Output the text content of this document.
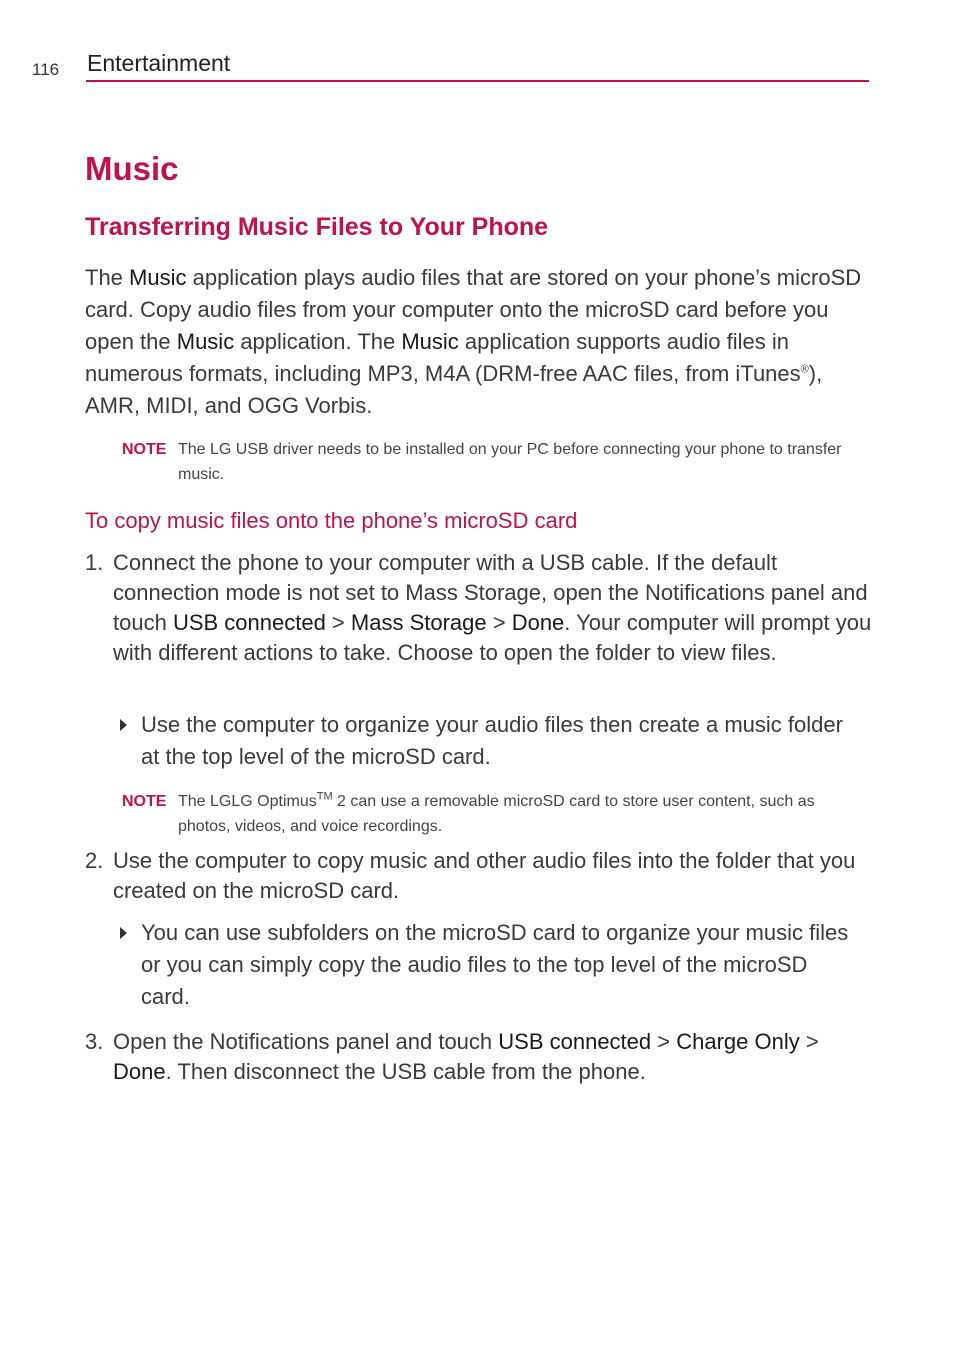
116 Entertainment
Music
Transferring Music Files to Your Phone
The Music application plays audio files that are stored on your phone’s microSD card. Copy audio files from your computer onto the microSD card before you open the Music application. The Music application supports audio files in numerous formats, including MP3, M4A (DRM-free AAC files, from iTunes®), AMR, MIDI, and OGG Vorbis.
NOTE The LG USB driver needs to be installed on your PC before connecting your phone to transfer music.
To copy music files onto the phone’s microSD card
1. Connect the phone to your computer with a USB cable. If the default connection mode is not set to Mass Storage, open the Notifications panel and touch USB connected > Mass Storage > Done. Your computer will prompt you with different actions to take. Choose to open the folder to view files.
Use the computer to organize your audio files then create a music folder at the top level of the microSD card.
NOTE The LGLG Optimus™ 2 can use a removable microSD card to store user content, such as photos, videos, and voice recordings.
2. Use the computer to copy music and other audio files into the folder that you created on the microSD card.
You can use subfolders on the microSD card to organize your music files or you can simply copy the audio files to the top level of the microSD card.
3. Open the Notifications panel and touch USB connected > Charge Only > Done. Then disconnect the USB cable from the phone.
